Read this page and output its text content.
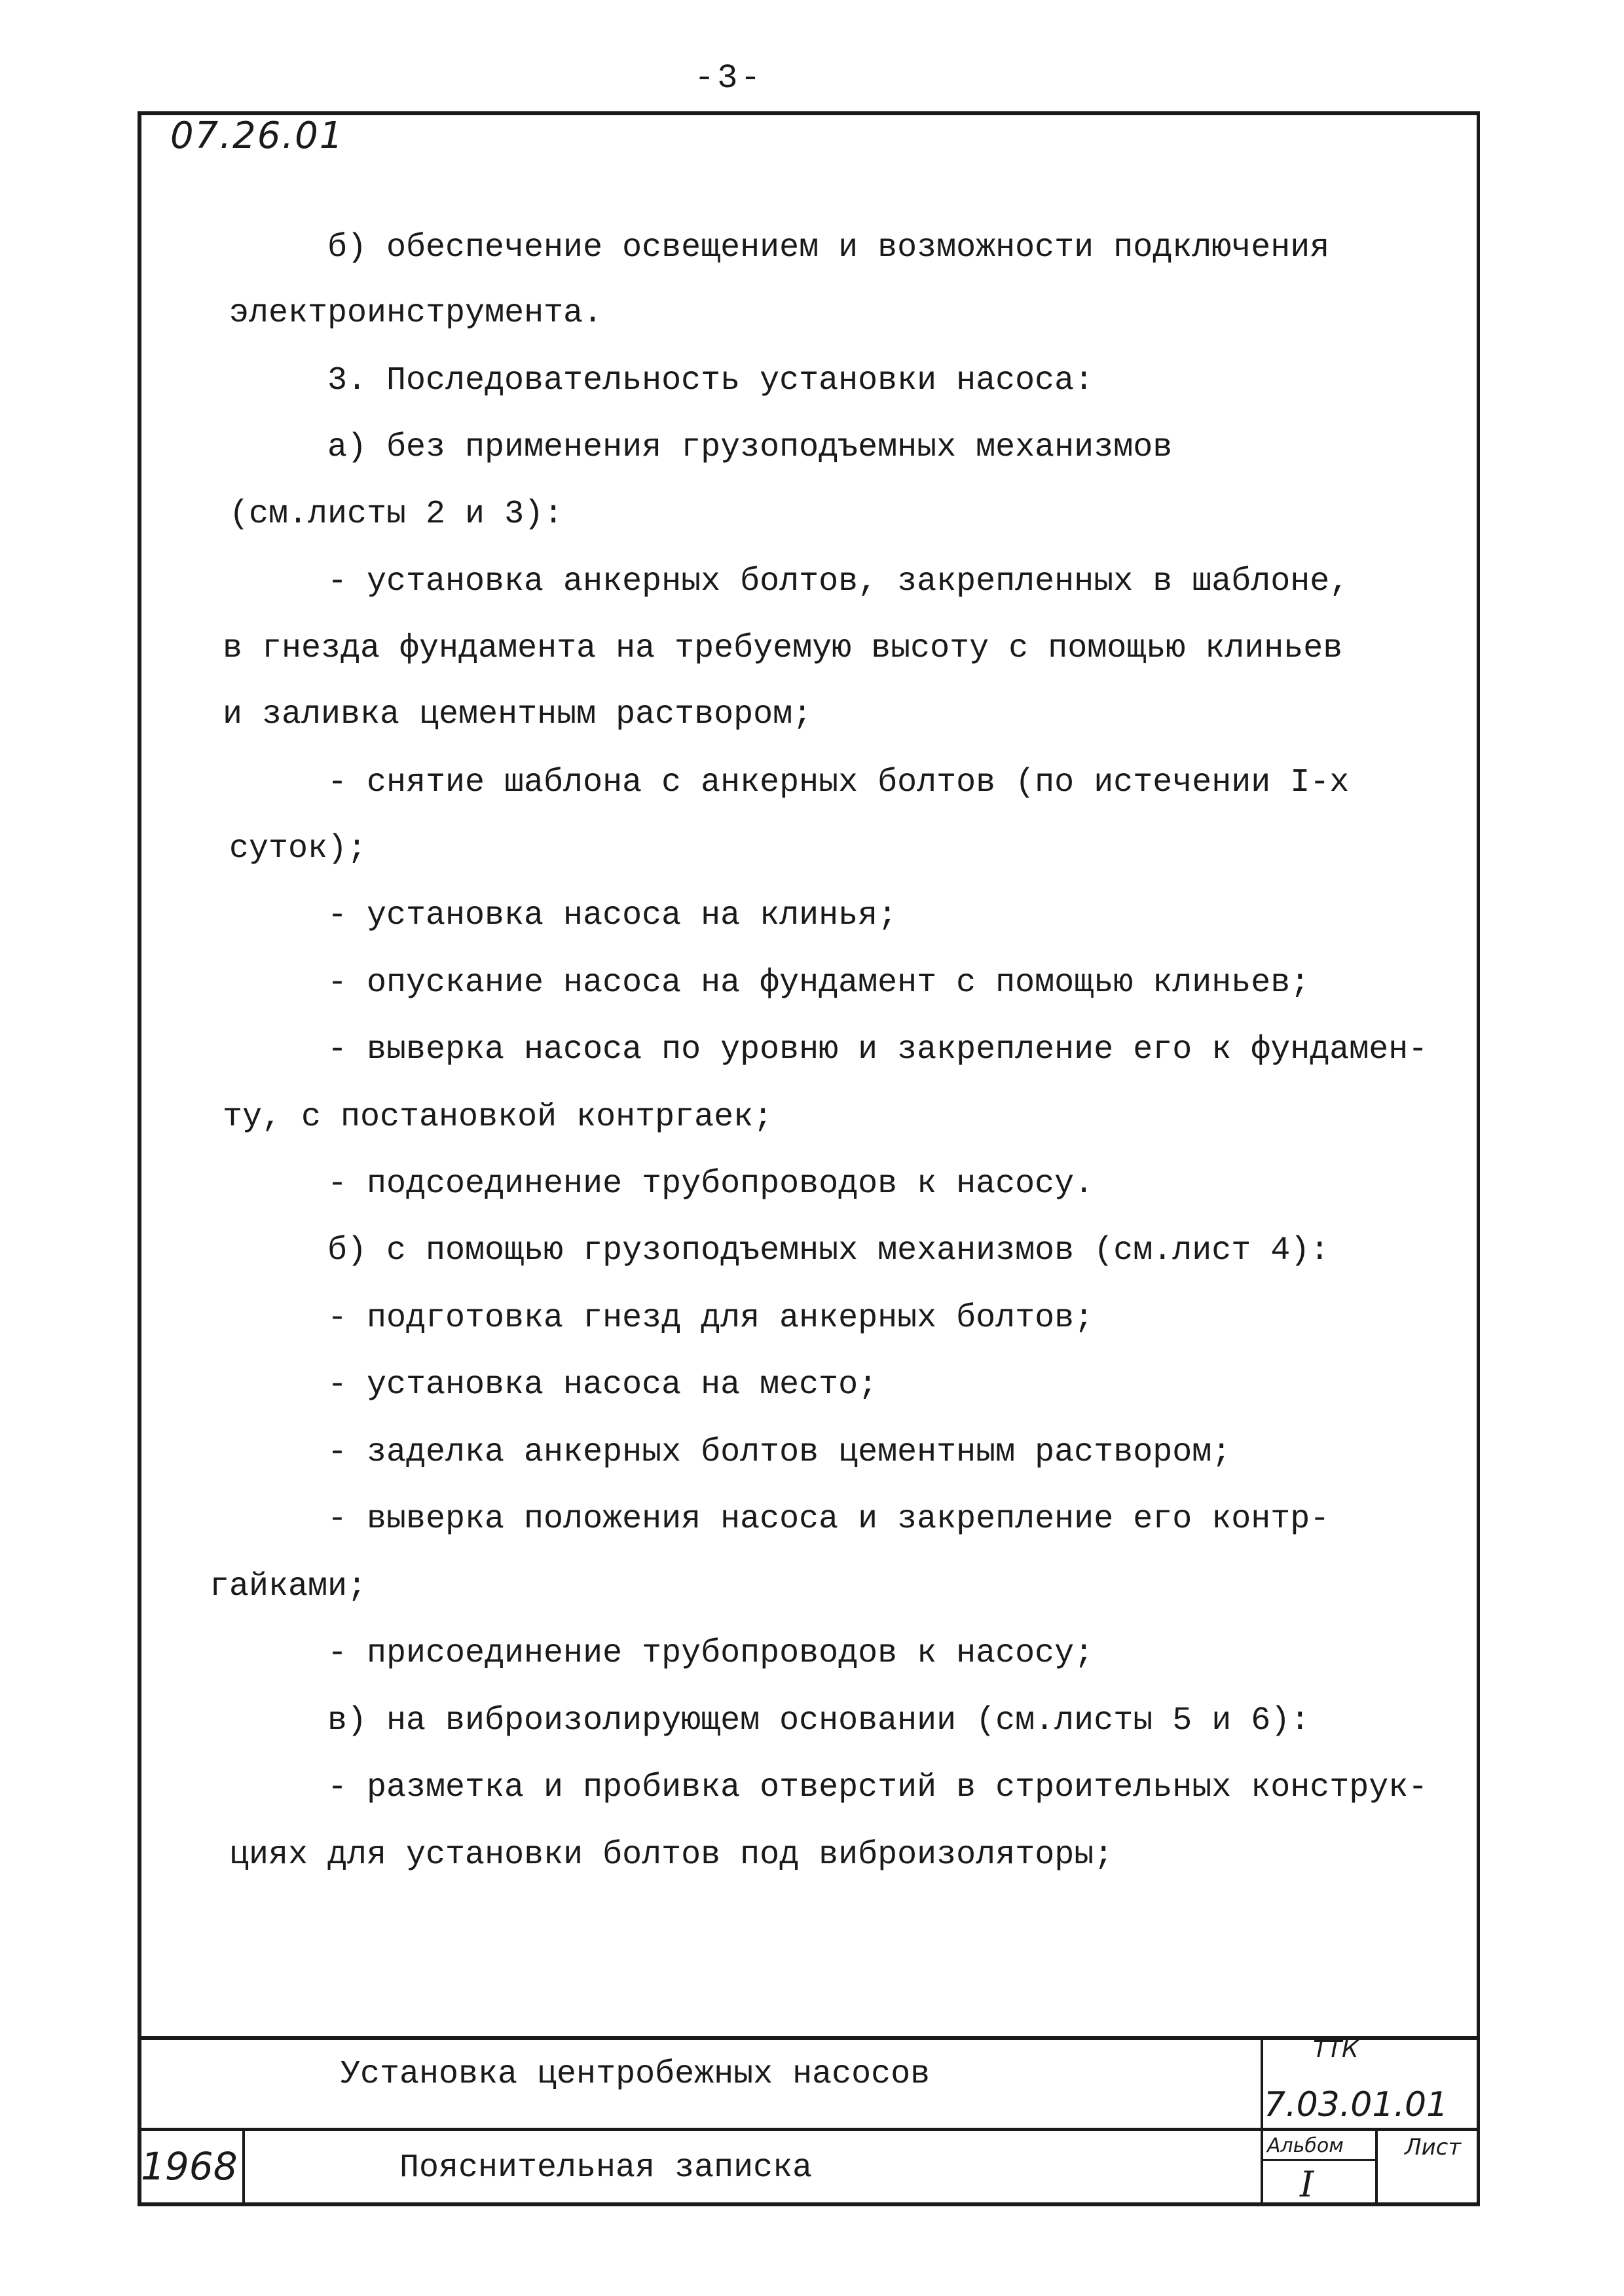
-3-
07.26.01
б) обеспечение освещением и возможности подключения
электроинструмента.
3. Последовательность установки насоса:
а) без применения грузоподъемных механизмов
(см.листы 2 и 3):
- установка анкерных болтов, закрепленных в шаблоне,
в гнезда фундамента на требуемую высоту с помощью клиньев
и заливка цементным раствором;
- снятие шаблона с анкерных болтов (по истечении I-х
суток);
- установка насоса на клинья;
- опускание насоса на фундамент с помощью клиньев;
- выверка насоса по уровню и закрепление его к фундамен-
ту, с постановкой контргаек;
- подсоединение трубопроводов к насосу.
б) с помощью грузоподъемных механизмов (см.лист 4):
- подготовка гнезд для анкерных болтов;
- установка насоса на место;
- заделка анкерных болтов цементным раствором;
- выверка положения насоса и закрепление его контр-
гайками;
- присоединение трубопроводов к насосу;
в) на виброизолирующем основании (см.листы 5 и 6):
- разметка и пробивка отверстий в строительных конструк-
циях для установки болтов под виброизоляторы;
Установка центробежных насосов
Пояснительная записка
1968
ТТК
7.03.01.01
Альбом	Лист
I
